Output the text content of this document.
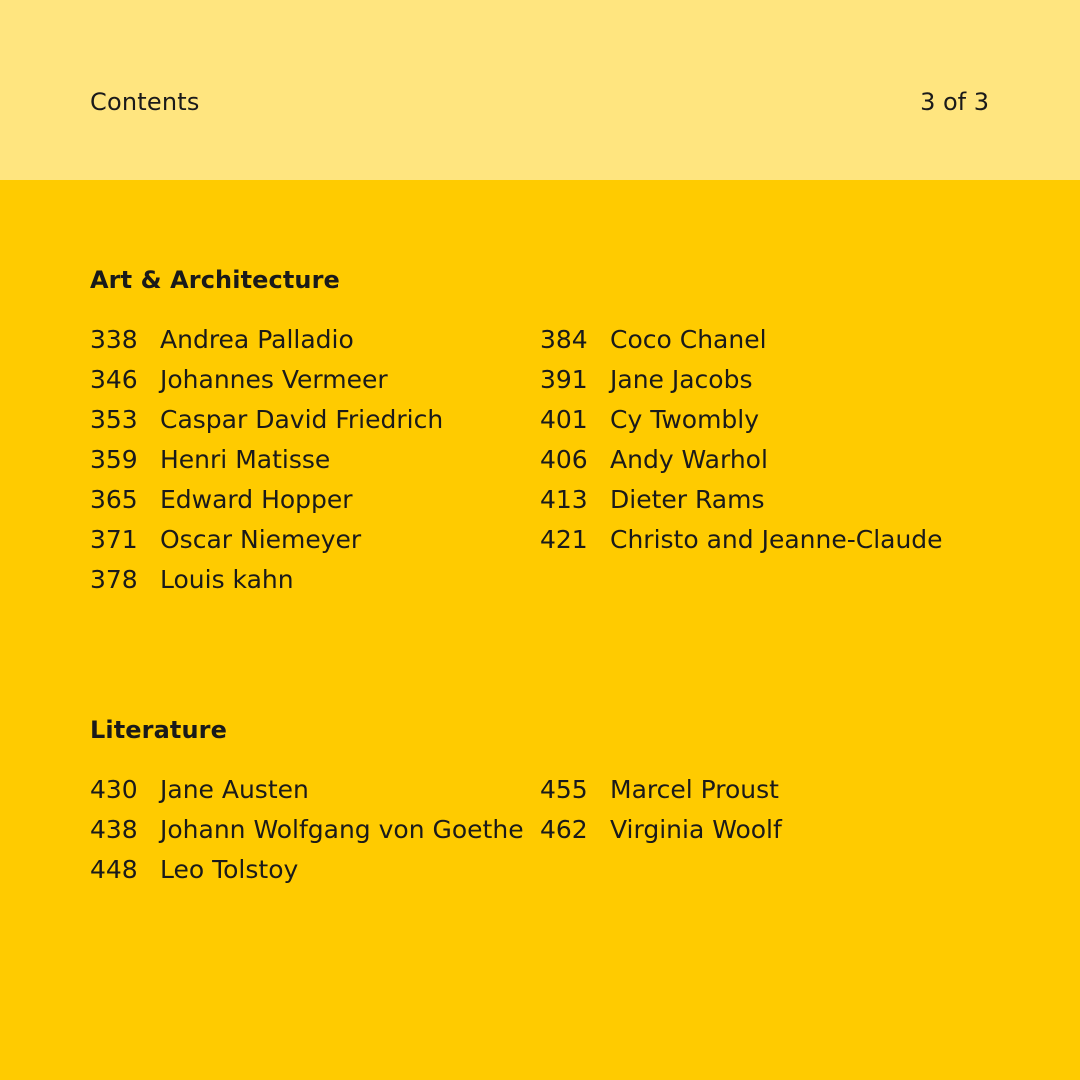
Contents	3 of 3
Art & Architecture
338 Andrea Palladio
346 Johannes Vermeer
353 Caspar David Friedrich
359 Henri Matisse
365 Edward Hopper
371 Oscar Niemeyer
378 Louis kahn
384 Coco Chanel
391 Jane Jacobs
401 Cy Twombly
406 Andy Warhol
413 Dieter Rams
421 Christo and Jeanne-Claude
Literature
430 Jane Austen
438 Johann Wolfgang von Goethe
448 Leo Tolstoy
455 Marcel Proust
462 Virginia Woolf
